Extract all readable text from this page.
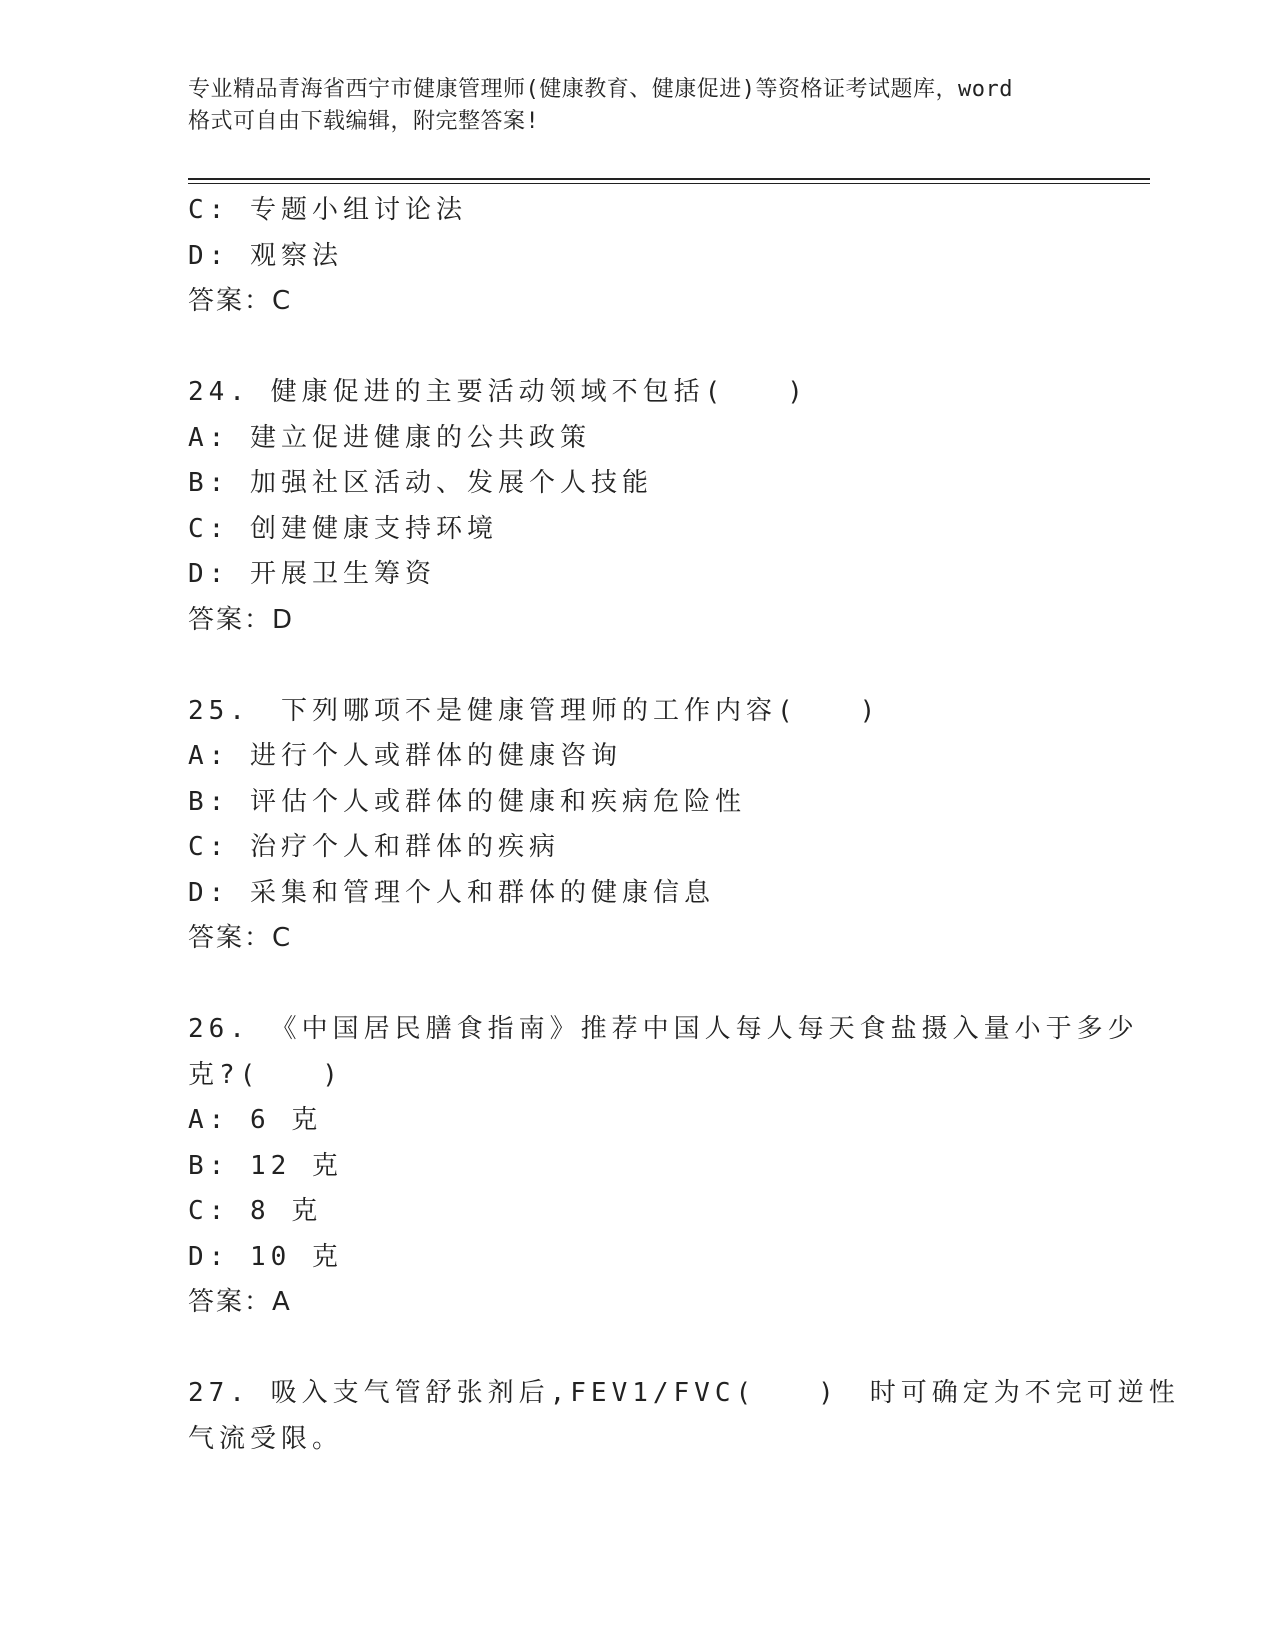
专业精品青海省西宁市健康管理师(健康教育、健康促进)等资格证考试题库，word
格式可自由下载编辑，附完整答案!
C: 专题小组讨论法
D: 观察法
答案：C
24. 健康促进的主要活动领域不包括(　　)
A: 建立促进健康的公共政策
B: 加强社区活动、发展个人技能
C: 创建健康支持环境
D: 开展卫生筹资
答案：D
25.　下列哪项不是健康管理师的工作内容(　　)
A: 进行个人或群体的健康咨询
B: 评估个人或群体的健康和疾病危险性
C: 治疗个人和群体的疾病
D: 采集和管理个人和群体的健康信息
答案：C
26. 《中国居民膳食指南》推荐中国人每人每天食盐摄入量小于多少
克?(　　)
A: 6 克
B: 12 克
C: 8 克
D: 10 克
答案：A
27. 吸入支气管舒张剂后,FEV1/FVC(　　)　时可确定为不完可逆性
气流受限。
